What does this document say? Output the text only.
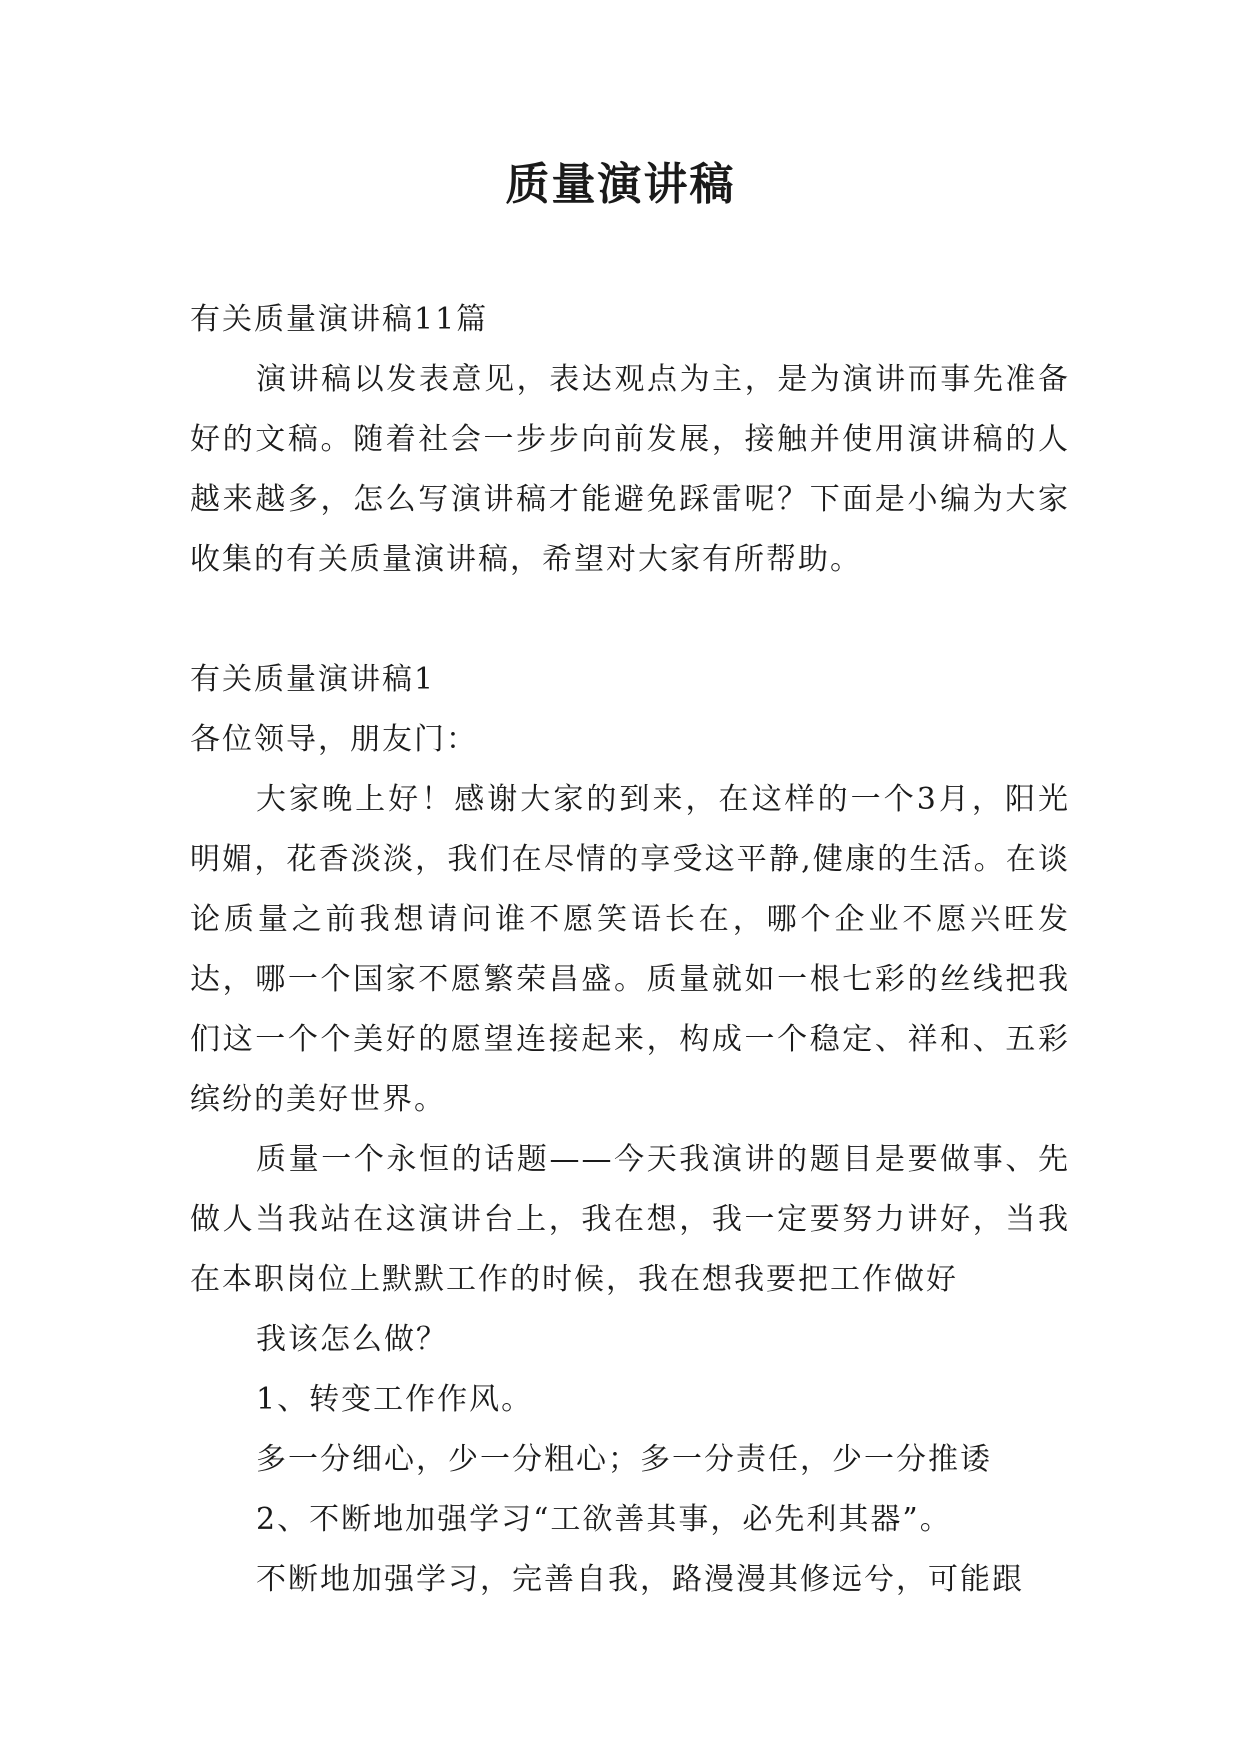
质量演讲稿

有关质量演讲稿11篇

演讲稿以发表意见，表达观点为主，是为演讲而事先准备好的文稿。随着社会一步步向前发展，接触并使用演讲稿的人越来越多，怎么写演讲稿才能避免踩雷呢？下面是小编为大家收集的有关质量演讲稿，希望对大家有所帮助。

有关质量演讲稿1

各位领导，朋友门：

大家晚上好！感谢大家的到来，在这样的一个3月，阳光明媚，花香淡淡，我们在尽情的享受这平静,健康的生活。在谈论质量之前我想请问谁不愿笑语长在，哪个企业不愿兴旺发达，哪一个国家不愿繁荣昌盛。质量就如一根七彩的丝线把我们这一个个美好的愿望连接起来，构成一个稳定、祥和、五彩缤纷的美好世界。

质量一个永恒的话题——今天我演讲的题目是要做事、先做人当我站在这演讲台上，我在想，我一定要努力讲好，当我在本职岗位上默默工作的时候，我在想我要把工作做好

我该怎么做？

1、转变工作作风。

多一分细心，少一分粗心；多一分责任，少一分推诿

2、不断地加强学习“工欲善其事，必先利其器”。

不断地加强学习，完善自我，路漫漫其修远兮，可能跟
